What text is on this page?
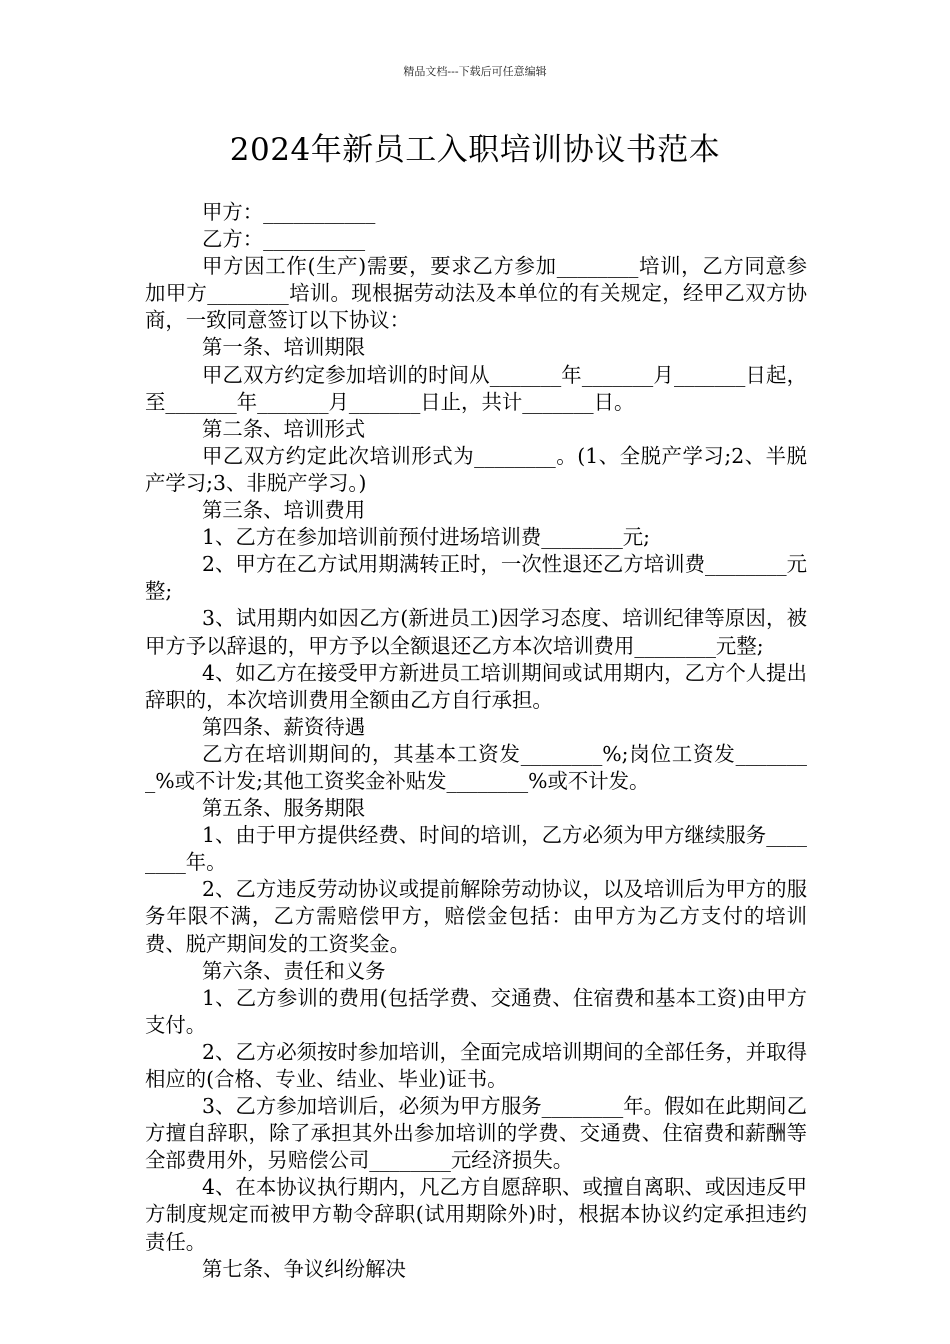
精品文档---下载后可任意编辑
2024年新员工入职培训协议书范本

甲方：___________

乙方：__________

甲方因工作(生产)需要，要求乙方参加________培训，乙方同意参加甲方________培训。现根据劳动法及本单位的有关规定，经甲乙双方协商，一致同意签订以下协议：

第一条、培训期限

甲乙双方约定参加培训的时间从_______年_______月_______日起，至_______年_______月_______日止，共计_______日。

第二条、培训形式

甲乙双方约定此次培训形式为________。(1、全脱产学习;2、半脱产学习;3、非脱产学习。)

第三条、培训费用

1、乙方在参加培训前预付进场培训费________元;

2、甲方在乙方试用期满转正时，一次性退还乙方培训费________元整;

3、试用期内如因乙方(新进员工)因学习态度、培训纪律等原因，被甲方予以辞退的，甲方予以全额退还乙方本次培训费用________元整;

4、如乙方在接受甲方新进员工培训期间或试用期内，乙方个人提出辞职的，本次培训费用全额由乙方自行承担。

第四条、薪资待遇

乙方在培训期间的，其基本工资发________%;岗位工资发________%或不计发;其他工资奖金补贴发________%或不计发。

第五条、服务期限

1、由于甲方提供经费、时间的培训，乙方必须为甲方继续服务________年。

2、乙方违反劳动协议或提前解除劳动协议，以及培训后为甲方的服务年限不满，乙方需赔偿甲方，赔偿金包括：由甲方为乙方支付的培训费、脱产期间发的工资奖金。

第六条、责任和义务

1、乙方参训的费用(包括学费、交通费、住宿费和基本工资)由甲方支付。

2、乙方必须按时参加培训，全面完成培训期间的全部任务，并取得相应的(合格、专业、结业、毕业)证书。

3、乙方参加培训后，必须为甲方服务________年。假如在此期间乙方擅自辞职，除了承担其外出参加培训的学费、交通费、住宿费和薪酬等全部费用外，另赔偿公司________元经济损失。

4、在本协议执行期内，凡乙方自愿辞职、或擅自离职、或因违反甲方制度规定而被甲方勒令辞职(试用期除外)时，根据本协议约定承担违约责任。

第七条、争议纠纷解决
